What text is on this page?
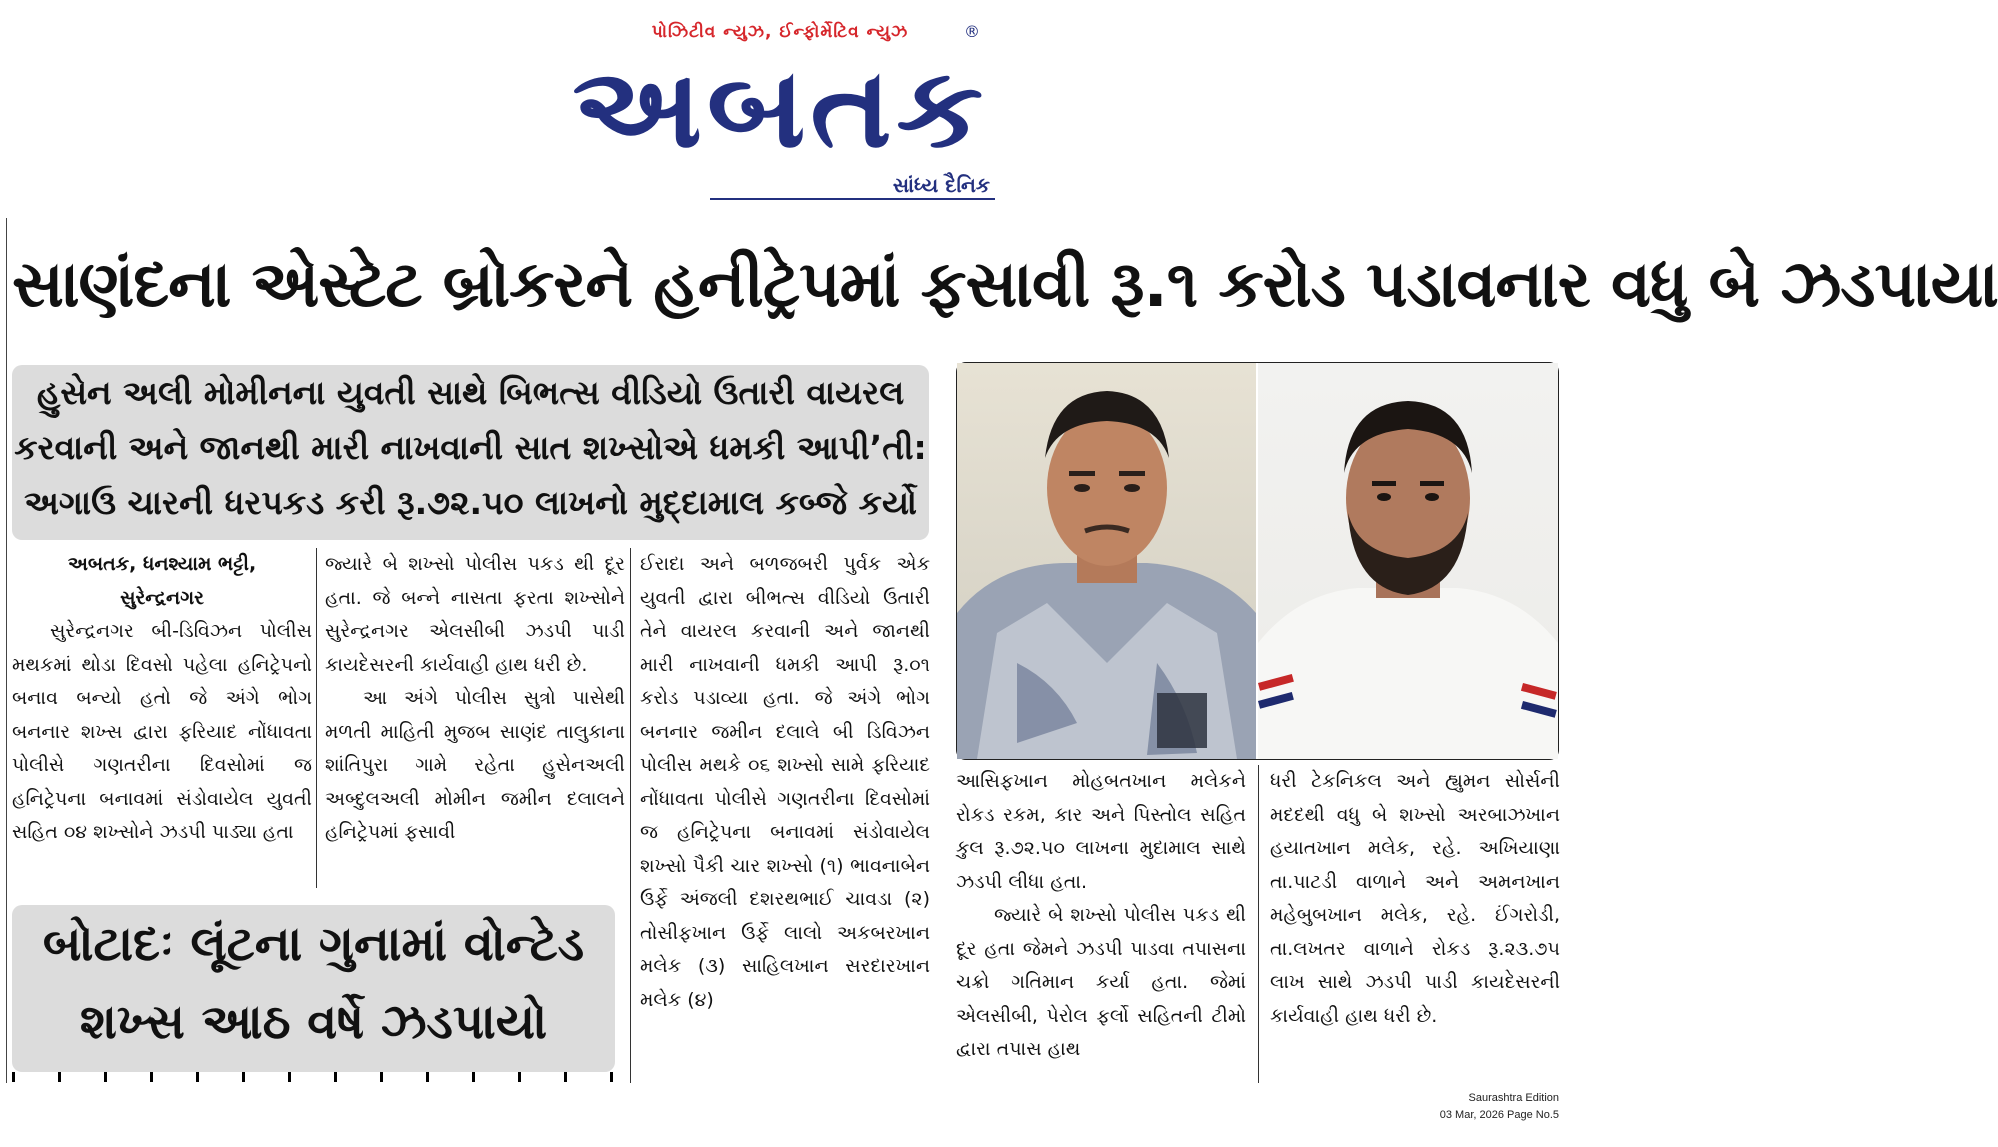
પોઝિટીવ ન્યુઝ, ઈન્ફોર્મેટિવ ન્યુઝ
અબતક
®
સાંધ્ય દૈનિક
સાણંદના એસ્ટેટ બ્રોકરને હનીટ્રેપમાં ફસાવી રૂ.૧ કરોડ પડાવનાર વધુ બે ઝડપાયા
હુસેન અલી મોમીનના યુવતી સાથે બિભત્સ વીડિયો ઉતારી વાયરલ
કરવાની અને જાનથી મારી નાખવાની સાત શખ્સોએ ધમકી આપી’તી:
અગાઉ ચારની ધરપકડ કરી રૂ.૭૨.૫૦ લાખનો મુદ્દામાલ કબ્જે કર્યો

અબતક, ધનશ્યામ ભટ્ટી,

સુરેન્દ્રનગર

સુરેન્દ્રનગર બી-ડિવિઝન પોલીસ મથકમાં થોડા દિવસો પહેલા હનિટ્રેપનો બનાવ બન્યો હતો જે અંગે ભોગ બનનાર શખ્સ દ્વારા ફરિયાદ નોંધાવતા પોલીસે ગણતરીના દિવસોમાં જ હનિટ્રેપના બનાવમાં સંડોવાયેલ યુવતી સહિત ૦૪ શખ્સોને ઝડપી પાડ્યા હતા

જ્યારે બે શખ્સો પોલીસ પકડ થી દૂર હતા. જે બન્ને નાસતા ફરતા શખ્સોને સુરેન્દ્રનગર એલસીબી ઝડપી પાડી કાયદેસરની કાર્યવાહી હાથ ધરી છે.

આ અંગે પોલીસ સુત્રો પાસેથી મળતી માહિતી મુજબ સાણંદ તાલુકાના શાંતિપુરા ગામે રહેતા હુસેનઅલી અબ્દુલઅલી મોમીન જમીન દલાલને હનિટ્રેપમાં ફસાવી

ઈરાદા અને બળજબરી પુર્વક એક યુવતી દ્વારા બીભત્સ વીડિયો ઉતારી તેને વાયરલ કરવાની અને જાનથી મારી નાખવાની ધમકી આપી રૂ.૦૧ કરોડ પડાવ્યા હતા. જે અંગે ભોગ બનનાર જમીન દલાલે બી ડિવિઝન પોલીસ મથકે ૦૬ શખ્સો સામે ફરિયાદ નોંધાવતા પોલીસે ગણતરીના દિવસોમાં જ હનિટ્રેપના બનાવમાં સંડોવાયેલ શખ્સો પૈકી ચાર શખ્સો (૧) ભાવનાબેન ઉર્ફે અંજલી દશરથભાઈ ચાવડા (૨) તોસીફખાન ઉર્ફે લાલો અકબરખાન મલેક (૩) સાહિલખાન સરદારખાન મલેક (૪)

બોટાદઃ લૂંટના ગુનામાં વોન્ટેડ
શખ્સ આઠ વર્ષે ઝડપાયો

આસિફખાન મોહબતખાન મલેકને રોકડ રકમ, કાર અને પિસ્તોલ સહિત કુલ રૂ.૭૨.૫૦ લાખના મુદામાલ સાથે ઝડપી લીધા હતા.

જ્યારે બે શખ્સો પોલીસ પકડ થી દૂર હતા જેમને ઝડપી પાડવા તપાસના ચક્રો ગતિમાન કર્યા હતા. જેમાં એલસીબી, પેરોલ ફર્લો સહિતની ટીમો દ્વારા તપાસ હાથ

ધરી ટેકનિકલ અને હ્યુમન સોર્સની મદદથી વધુ બે શખ્સો અરબાઝખાન હયાતખાન મલેક, રહે. અખિયાણા તા.પાટડી વાળાને અને અમનખાન મહેબુબખાન મલેક, રહે. ઈંગરોડી, તા.લખતર વાળાને રોકડ રૂ.૨૩.૭૫ લાખ સાથે ઝડપી પાડી કાયદેસરની કાર્યવાહી હાથ ધરી છે.

Saurashtra Edition
03 Mar, 2026 Page No.5
